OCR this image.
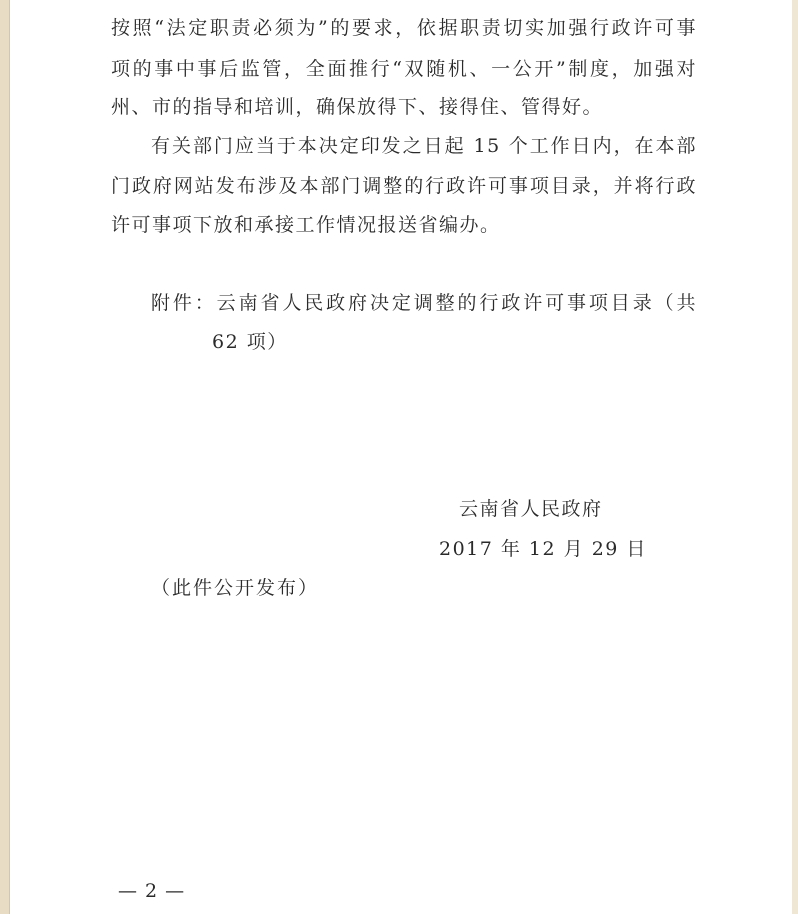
按照“法定职责必须为”的要求，依据职责切实加强行政许可事
项的事中事后监管，全面推行“双随机、一公开”制度，加强对
州、市的指导和培训，确保放得下、接得住、管得好。
有关部门应当于本决定印发之日起 15 个工作日内，在本部
门政府网站发布涉及本部门调整的行政许可事项目录，并将行政
许可事项下放和承接工作情况报送省编办。
附件：云南省人民政府决定调整的行政许可事项目录（共
62 项）
云南省人民政府
2017 年 12 月 29 日
（此件公开发布）
— 2 —
